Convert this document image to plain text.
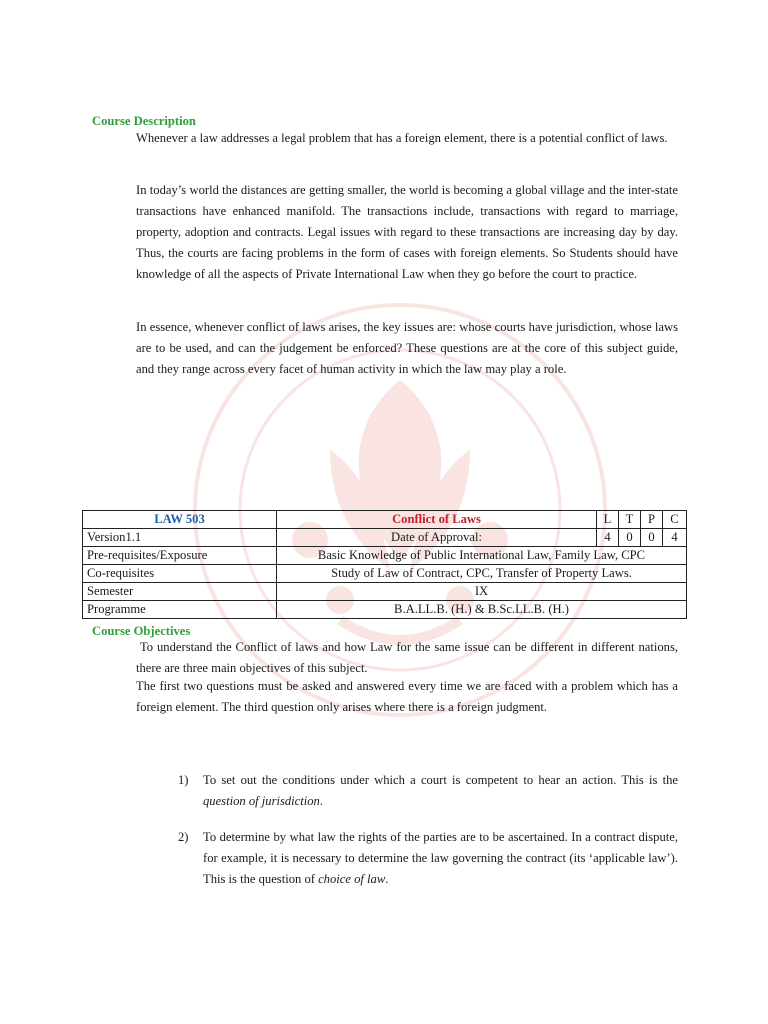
Course Description

Whenever a law addresses a legal problem that has a foreign element, there is a potential conflict of laws.

In today’s world the distances are getting smaller, the world is becoming a global village and the inter-state transactions have enhanced manifold. The transactions include, transactions with regard to marriage, property, adoption and contracts. Legal issues with regard to these transactions are increasing day by day. Thus, the courts are facing problems in the form of cases with foreign elements. So Students should have knowledge of all the aspects of Private International Law when they go before the court to practice.

In essence, whenever conflict of laws arises, the key issues are: whose courts have jurisdiction, whose laws are to be used, and can the judgement be enforced? These questions are at the core of this subject guide, and they range across every facet of human activity in which the law may play a role.

LAW 503	Conflict of Laws	L	T	P	C
Version1.1	Date of Approval:	4	0	0	4
Pre-requisites/Exposure	Basic Knowledge of Public International Law, Family Law, CPC				
Co-requisites	Study of Law of Contract, CPC, Transfer of Property Laws.				
Semester	IX				
Programme	B.A.LL.B. (H.) & B.Sc.LL.B. (H.)				
Course Objectives

To understand the Conflict of laws and how Law for the same issue can be different in different nations, there are three main objectives of this subject.

The first two questions must be asked and answered every time we are faced with a problem which has a foreign element. The third question only arises where there is a foreign judgment.

1)	To set out the conditions under which a court is competent to hear an action. This is the question of jurisdiction.

2)	To determine by what law the rights of the parties are to be ascertained. In a contract dispute, for example, it is necessary to determine the law governing the contract (its ‘applicable law’). This is the question of choice of law.
